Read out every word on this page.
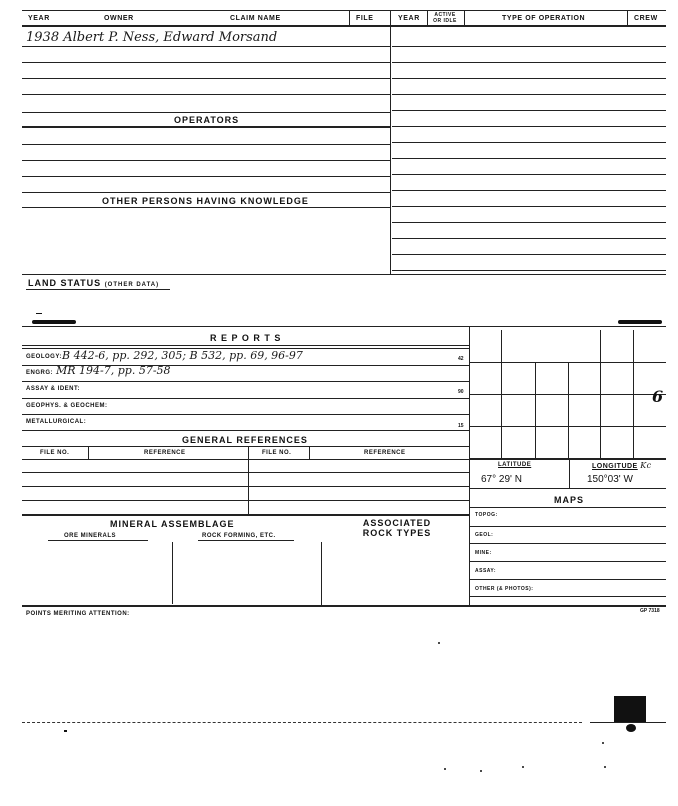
YEAR	OWNER	CLAIM NAME	FILE	YEAR	ACTIVE OR IDLE	TYPE OF OPERATION	CREW
1938 Albert P. Ness, Edward Morsand
OPERATORS
OTHER PERSONS HAVING KNOWLEDGE
LAND STATUS (OTHER DATA)
R E P O R T S
GEOLOGY: B 442-6, pp. 292, 305; B 532, pp. 69, 96-97	42
ENGRG: MR 194-7, pp. 57-58
ASSAY & IDENT:	90
GEOPHYS. & GEOCHEM:
METALLURGICAL:
15
GENERAL REFERENCES
FILE NO.	REFERENCE	FILE NO.	REFERENCE
MINERAL ASSEMBLAGE	ASSOCIATED ROCK TYPES
ORE MINERALS	ROCK FORMING, ETC.
6
LATITUDE	LONGITUDE Kc
67° 29' N	150°03' W
MAPS
TOPOG:
GEOL:
MINE:
ASSAY:
OTHER (& PHOTOS):
POINTS MERITING ATTENTION:	GP 7318
